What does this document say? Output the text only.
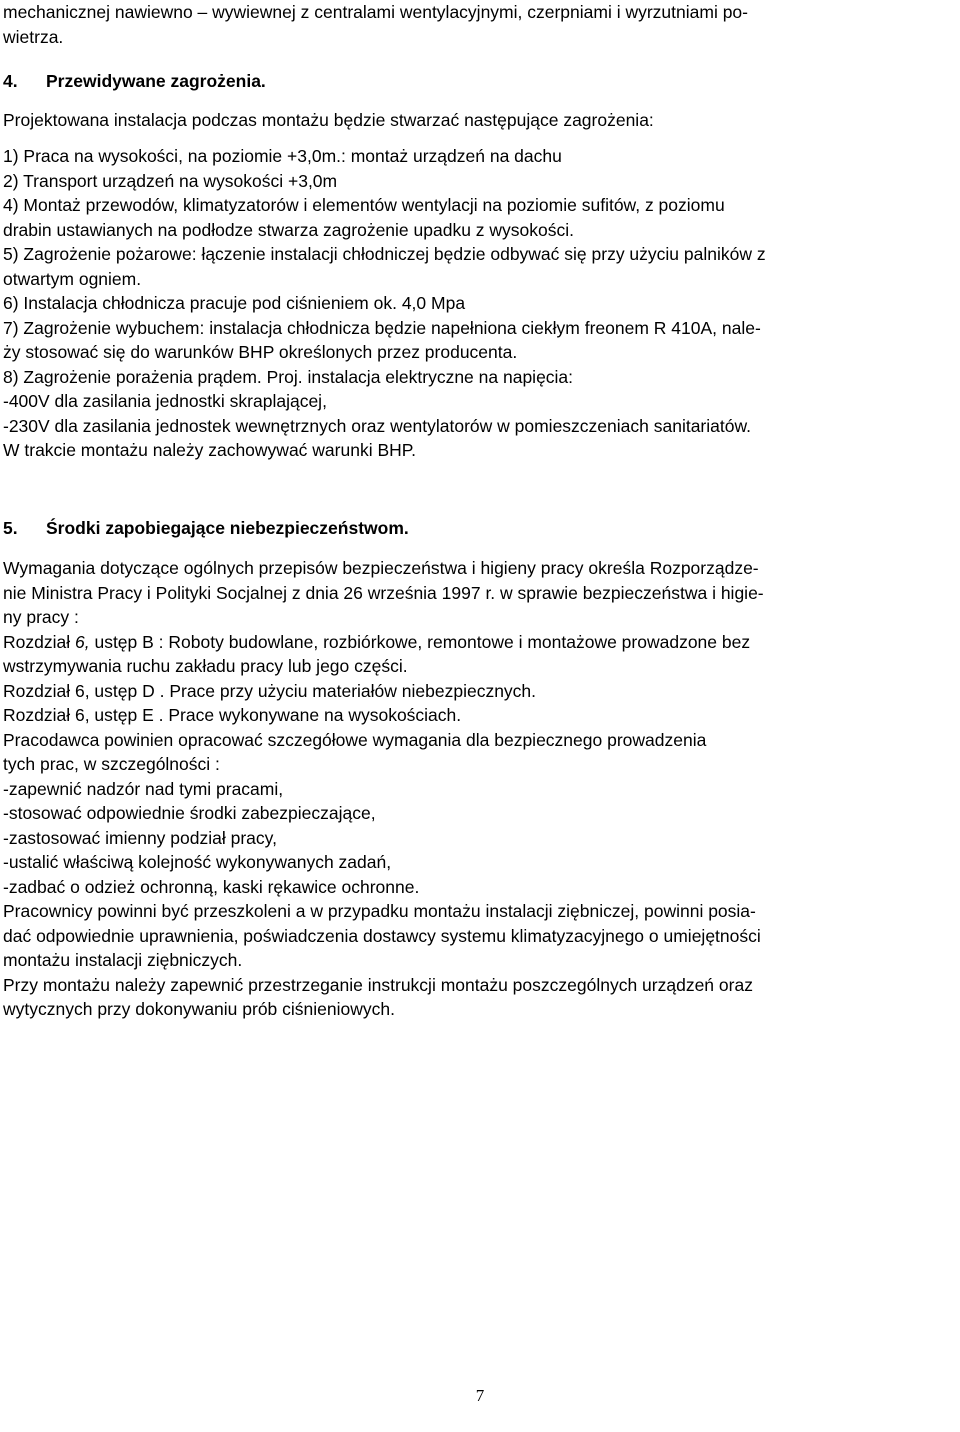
mechanicznej nawiewno – wywiewnej z centralami wentylacyjnymi, czerpniami i wyrzutniami po-

wietrza.

4. Przewidywane zagrożenia.

Projektowana instalacja podczas montażu będzie stwarzać następujące zagrożenia:

1) Praca na wysokości, na poziomie +3,0m.: montaż urządzeń na dachu

2) Transport urządzeń na wysokości +3,0m

4) Montaż przewodów, klimatyzatorów i elementów wentylacji na poziomie sufitów, z poziomu

drabin ustawianych na podłodze stwarza zagrożenie upadku z wysokości.

5) Zagrożenie pożarowe: łączenie instalacji chłodniczej będzie odbywać się przy użyciu palników z

otwartym ogniem.

6) Instalacja chłodnicza pracuje pod ciśnieniem ok. 4,0 Mpa

7) Zagrożenie wybuchem: instalacja chłodnicza będzie napełniona ciekłym freonem R 410A, nale-

ży stosować się do warunków BHP określonych przez producenta.

8) Zagrożenie porażenia prądem. Proj. instalacja elektryczne na napięcia:

-400V dla zasilania jednostki skraplającej,

-230V dla zasilania jednostek wewnętrznych oraz wentylatorów w pomieszczeniach sanitariatów.

W trakcie montażu należy zachowywać warunki BHP.

5. Środki zapobiegające niebezpieczeństwom.

Wymagania dotyczące ogólnych przepisów bezpieczeństwa i higieny pracy określa Rozporządze-

nie Ministra Pracy i Polityki Socjalnej z dnia 26 września 1997 r. w sprawie bezpieczeństwa i higie-

ny pracy :

Rozdział 6, ustęp B : Roboty budowlane, rozbiórkowe, remontowe i montażowe prowadzone bez

wstrzymywania ruchu zakładu pracy lub jego części.

Rozdział 6, ustęp D . Prace przy użyciu materiałów niebezpiecznych.

Rozdział 6, ustęp E . Prace wykonywane na wysokościach.

Pracodawca powinien opracować szczegółowe wymagania dla bezpiecznego prowadzenia

tych prac, w szczególności :

-zapewnić nadzór nad tymi pracami,

-stosować odpowiednie środki zabezpieczające,

-zastosować imienny podział pracy,

-ustalić właściwą kolejność wykonywanych zadań,

-zadbać o odzież ochronną, kaski rękawice ochronne.

Pracownicy powinni być przeszkoleni a w przypadku montażu instalacji ziębniczej, powinni posia-

dać odpowiednie uprawnienia, poświadczenia dostawcy systemu klimatyzacyjnego o umiejętności

montażu instalacji ziębniczych.

Przy montażu należy zapewnić przestrzeganie instrukcji montażu poszczególnych urządzeń oraz

wytycznych przy dokonywaniu prób ciśnieniowych.

7
